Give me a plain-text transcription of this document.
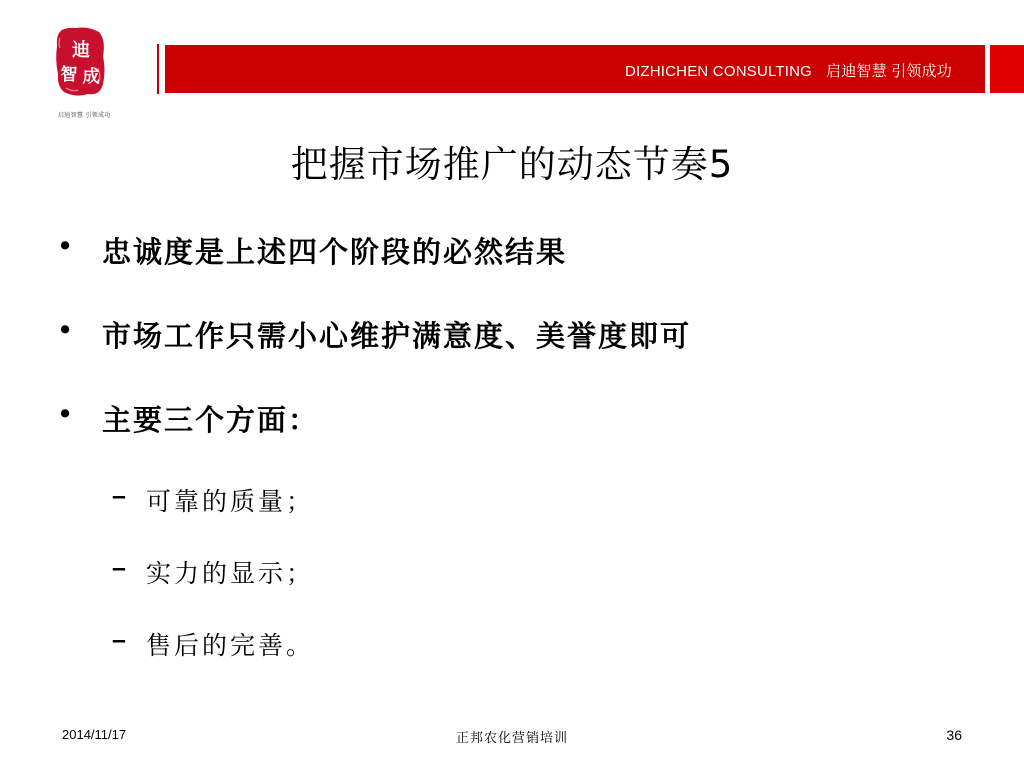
迪
智 成
启迪智慧 引领成功
DIZHICHEN CONSULTING 启迪智慧 引领成功
把握市场推广的动态节奏5
•	忠诚度是上述四个阶段的必然结果
•	市场工作只需小心维护满意度、美誉度即可
•	主要三个方面：
– 可靠的质量；
– 实力的显示；
– 售后的完善。
2014/11/17	正邦农化营销培训	36
